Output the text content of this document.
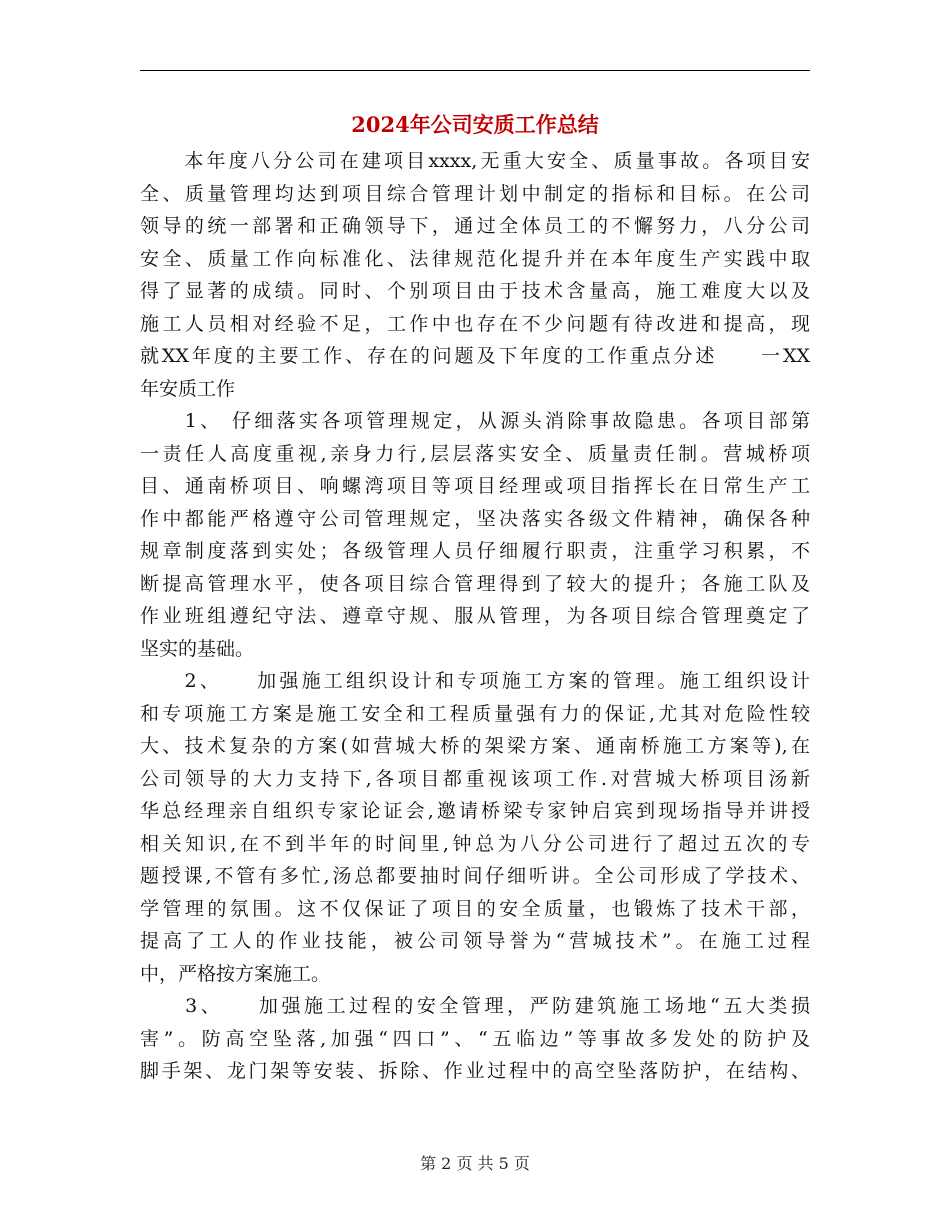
2024年公司安质工作总结

　　本年度八分公司在建项目xxxx,无重大安全、质量事故。各项目安

全、质量管理均达到项目综合管理计划中制定的指标和目标。在公司

领导的统一部署和正确领导下，通过全体员工的不懈努力，八分公司

安全、质量工作向标准化、法律规范化提升并在本年度生产实践中取

得了显著的成绩。同时、个别项目由于技术含量高，施工难度大以及

施工人员相对经验不足，工作中也存在不少问题有待改进和提高，现

就XX年度的主要工作、存在的问题及下年度的工作重点分述　　一XX

年安质工作

　　1、 仔细落实各项管理规定，从源头消除事故隐患。各项目部第

一责任人高度重视,亲身力行,层层落实安全、质量责任制。营城桥项

目、通南桥项目、响螺湾项目等项目经理或项目指挥长在日常生产工

作中都能严格遵守公司管理规定，坚决落实各级文件精神，确保各种

规章制度落到实处；各级管理人员仔细履行职责，注重学习积累，不

断提高管理水平，使各项目综合管理得到了较大的提升；各施工队及

作业班组遵纪守法、遵章守规、服从管理，为各项目综合管理奠定了

坚实的基础。

　　2、　　加强施工组织设计和专项施工方案的管理。施工组织设计

和专项施工方案是施工安全和工程质量强有力的保证,尤其对危险性较

大、技术复杂的方案(如营城大桥的架梁方案、通南桥施工方案等),在

公司领导的大力支持下,各项目都重视该项工作.对营城大桥项目汤新

华总经理亲自组织专家论证会,邀请桥梁专家钟启宾到现场指导并讲授

相关知识,在不到半年的时间里,钟总为八分公司进行了超过五次的专

题授课,不管有多忙,汤总都要抽时间仔细听讲。全公司形成了学技术、

学管理的氛围。这不仅保证了项目的安全质量，也锻炼了技术干部，

提高了工人的作业技能，被公司领导誉为“营城技术”。在施工过程

中，严格按方案施工。

　　3、　　加强施工过程的安全管理，严防建筑施工场地“五大类损

害”。防高空坠落,加强“四口”、“五临边”等事故多发处的防护及

脚手架、龙门架等安装、拆除、作业过程中的高空坠落防护，在结构、

第 2 页 共 5 页
